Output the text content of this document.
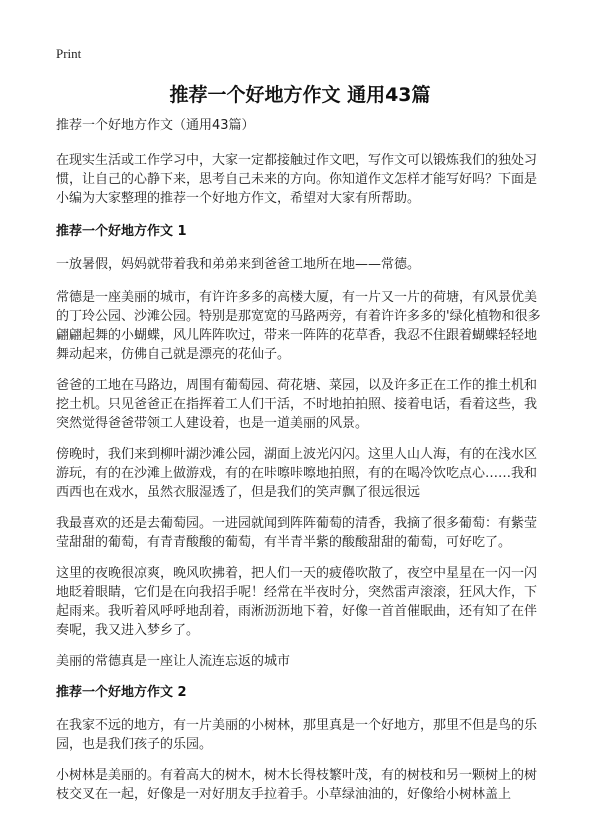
Print
推荐一个好地方作文 通用43篇

推荐一个好地方作文（通用43篇）

在现实生活或工作学习中，大家一定都接触过作文吧，写作文可以锻炼我们的独处习惯，让自己的心静下来，思考自己未来的方向。你知道作文怎样才能写好吗？下面是小编为大家整理的推荐一个好地方作文，希望对大家有所帮助。

推荐一个好地方作文 1

一放暑假，妈妈就带着我和弟弟来到爸爸工地所在地——常德。

常德是一座美丽的城市，有许许多多的高楼大厦，有一片又一片的荷塘，有风景优美的丁玲公园、沙滩公园。特别是那宽宽的马路两旁，有着许许多多的'绿化植物和很多翩翩起舞的小蝴蝶，风儿阵阵吹过，带来一阵阵的花草香，我忍不住跟着蝴蝶轻轻地舞动起来，仿佛自己就是漂亮的花仙子。

爸爸的工地在马路边，周围有葡萄园、荷花塘、菜园，以及许多正在工作的推土机和挖土机。只见爸爸正在指挥着工人们干活，不时地拍拍照、接着电话，看着这些，我突然觉得爸爸带领工人建设着，也是一道美丽的风景。

傍晚时，我们来到柳叶湖沙滩公园，湖面上波光闪闪。这里人山人海，有的在浅水区游玩，有的在沙滩上做游戏，有的在咔嚓咔嚓地拍照，有的在喝冷饮吃点心……我和西西也在戏水，虽然衣服湿透了，但是我们的笑声飘了很远很远

我最喜欢的还是去葡萄园。一进园就闻到阵阵葡萄的清香，我摘了很多葡萄：有紫莹莹甜甜的葡萄，有青青酸酸的葡萄，有半青半紫的酸酸甜甜的葡萄，可好吃了。

这里的夜晚很凉爽，晚风吹拂着，把人们一天的疲倦吹散了，夜空中星星在一闪一闪地眨着眼睛，它们是在向我招手呢！经常在半夜时分，突然雷声滚滚，狂风大作，下起雨来。我听着风呼呼地刮着，雨淅沥沥地下着，好像一首首催眠曲，还有知了在伴奏呢，我又进入梦乡了。

美丽的常德真是一座让人流连忘返的城市

推荐一个好地方作文 2

在我家不远的地方，有一片美丽的小树林，那里真是一个好地方，那里不但是鸟的乐园，也是我们孩子的乐园。

小树林是美丽的。有着高大的树木，树木长得枝繁叶茂，有的树枝和另一颗树上的树枝交叉在一起，好像是一对好朋友手拉着手。小草绿油油的，好像给小树林盖上
